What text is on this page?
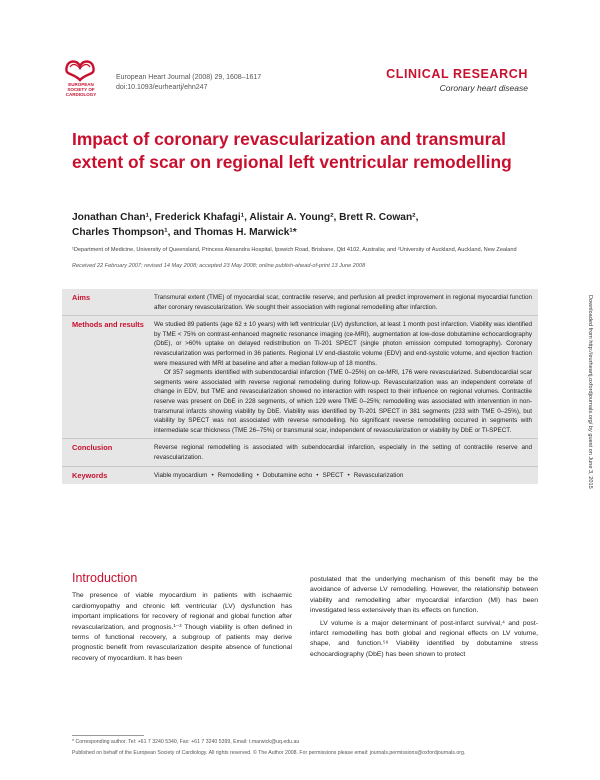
EUROPEAN SOCIETY OF CARDIOLOGY
European Heart Journal (2008) 29, 1608–1617
doi:10.1093/eurheartj/ehn247
CLINICAL RESEARCH
Coronary heart disease
Impact of coronary revascularization and transmural extent of scar on regional left ventricular remodelling
Jonathan Chan¹, Frederick Khafagi¹, Alistair A. Young², Brett R. Cowan²,
Charles Thompson¹, and Thomas H. Marwick¹*
¹Department of Medicine, University of Queensland, Princess Alexandra Hospital, Ipswich Road, Brisbane, Qld 4102, Australia; and ²University of Auckland, Auckland, New Zealand
Received 22 February 2007; revised 14 May 2008; accepted 23 May 2008; online publish-ahead-of-print 13 June 2008
Aims	Transmural extent (TME) of myocardial scar, contractile reserve, and perfusion all predict improvement in regional myocardial function after coronary revascularization. We sought their association with regional remodelling after infarction.

Methods and results	We studied 89 patients (age 62 ± 10 years) with left ventricular (LV) dysfunction, at least 1 month post infarction. Viability was identified by TME < 75% on contrast-enhanced magnetic resonance imaging (ce-MRI), augmentation at low-dose dobutamine echocardiography (DbE), or >60% uptake on delayed redistribution on Tl-201 SPECT (single photon emission computed tomography). Coronary revascularization was performed in 36 patients. Regional LV end-diastolic volume (EDV) and end-systolic volume, and ejection fraction were measured with MRI at baseline and after a median follow-up of 18 months.

Of 357 segments identified with subendocardial infarction (TME 0–25%) on ce-MRI, 176 were revascularized. Subendocardial scar segments were associated with reverse regional remodeling during follow-up. Revascularization was an independent correlate of change in EDV, but TME and revascularization showed no interaction with respect to their influence on regional volumes. Contractile reserve was present on DbE in 228 segments, of which 129 were TME 0–25%; remodelling was associated with intervention in non-transmural infarcts showing viability by DbE. Viability was identified by Tl-201 SPECT in 381 segments (233 with TME 0–25%), but viability by SPECT was not associated with reverse remodelling. No significant reverse remodelling occurred in segments with intermediate scar thickness (TME 26–75%) or transmural scar, independent of revascularization or viability by DbE or Tl-SPECT.

Conclusion	Reverse regional remodelling is associated with subendocardial infarction, especially in the setting of contractile reserve and revascularization.

Keywords	Viable myocardium • Remodelling • Dobutamine echo • SPECT • Revascularization
Introduction

The presence of viable myocardium in patients with ischaemic cardiomyopathy and chronic left ventricular (LV) dysfunction has important implications for recovery of regional and global function after revascularization, and prognosis.¹⁻³ Though viability is often defined in terms of functional recovery, a subgroup of patients may derive prognostic benefit from revascularization despite absence of functional recovery of myocardium. It has been

postulated that the underlying mechanism of this benefit may be the avoidance of adverse LV remodelling. However, the relationship between viability and remodelling after myocardial infarction (MI) has been investigated less extensively than its effects on function.

LV volume is a major determinant of post-infarct survival,⁴ and post-infarct remodelling has both global and regional effects on LV volume, shape, and function.⁵⁶ Viability identified by dobutamine stress echocardiography (DbE) has been shown to protect

* Corresponding author. Tel: +61 7 3240 5340, Fax: +61 7 3240 5399, Email: t.marwick@uq.edu.au
Published on behalf of the European Society of Cardiology. All rights reserved. © The Author 2008. For permissions please email: journals.permissions@oxfordjournals.org.
Downloaded from http://eurheartj.oxfordjournals.org/ by guest on June 3, 2015
